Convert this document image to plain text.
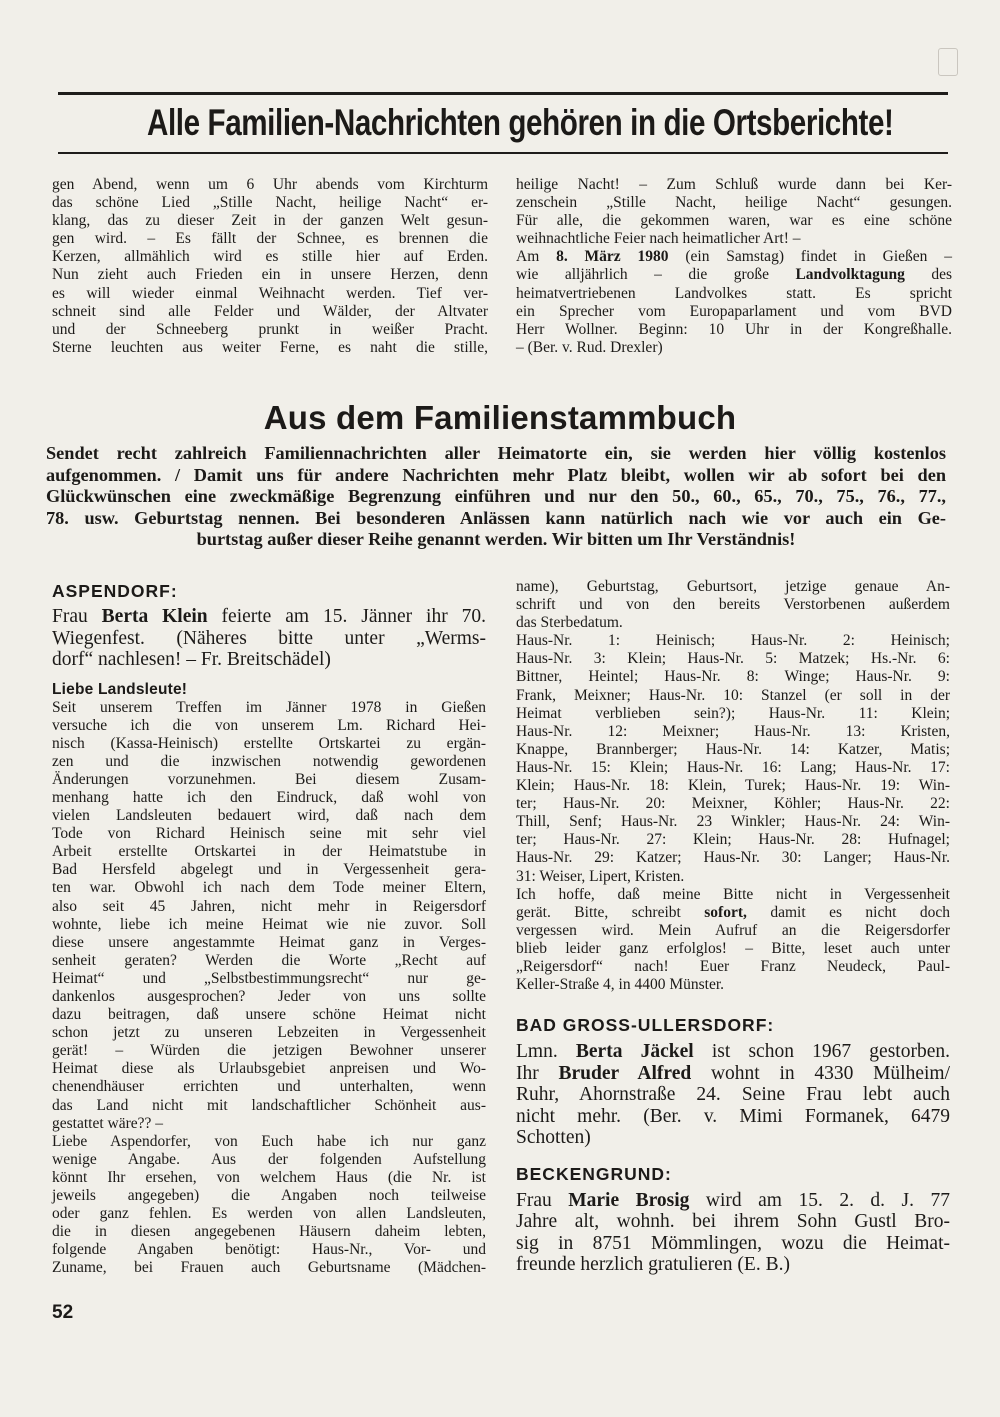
Alle Familien-Nachrichten gehören in die Ortsberichte!
gen Abend, wenn um 6 Uhr abends vom Kirchturm
das schöne Lied „Stille Nacht, heilige Nacht“ er-
klang, das zu dieser Zeit in der ganzen Welt gesun-
gen wird. – Es fällt der Schnee, es brennen die
Kerzen, allmählich wird es stille hier auf Erden.
Nun zieht auch Frieden ein in unsere Herzen, denn
es will wieder einmal Weihnacht werden. Tief ver-
schneit sind alle Felder und Wälder, der Altvater
und der Schneeberg prunkt in weißer Pracht.
Sterne leuchten aus weiter Ferne, es naht die stille,
heilige Nacht! – Zum Schluß wurde dann bei Ker-
zenschein „Stille Nacht, heilige Nacht“ gesungen.
Für alle, die gekommen waren, war es eine schöne
weihnachtliche Feier nach heimatlicher Art! –
Am 8. März 1980 (ein Samstag) findet in Gießen –
wie alljährlich – die große Landvolktagung des
heimatvertriebenen Landvolkes statt. Es spricht
ein Sprecher vom Europaparlament und vom BVD
Herr Wollner. Beginn: 10 Uhr in der Kongreßhalle.
– (Ber. v. Rud. Drexler)
Aus dem Familienstammbuch
Sendet recht zahlreich Familiennachrichten aller Heimatorte ein, sie werden hier völlig kostenlos
aufgenommen. / Damit uns für andere Nachrichten mehr Platz bleibt, wollen wir ab sofort bei den
Glückwünschen eine zweckmäßige Begrenzung einführen und nur den 50., 60., 65., 70., 75., 76., 77.,
78. usw. Geburtstag nennen. Bei besonderen Anlässen kann natürlich nach wie vor auch ein Ge-
burtstag außer dieser Reihe genannt werden. Wir bitten um Ihr Verständnis!
ASPENDORF:
Frau Berta Klein feierte am 15. Jänner ihr 70.
Wiegenfest. (Näheres bitte unter „Werms-
dorf“ nachlesen! – Fr. Breitschädel)
Liebe Landsleute!
Seit unserem Treffen im Jänner 1978 in Gießen
versuche ich die von unserem Lm. Richard Hei-
nisch (Kassa-Heinisch) erstellte Ortskartei zu ergän-
zen und die inzwischen notwendig gewordenen
Änderungen vorzunehmen. Bei diesem Zusam-
menhang hatte ich den Eindruck, daß wohl von
vielen Landsleuten bedauert wird, daß nach dem
Tode von Richard Heinisch seine mit sehr viel
Arbeit erstellte Ortskartei in der Heimatstube in
Bad Hersfeld abgelegt und in Vergessenheit gera-
ten war. Obwohl ich nach dem Tode meiner Eltern,
also seit 45 Jahren, nicht mehr in Reigersdorf
wohnte, liebe ich meine Heimat wie nie zuvor. Soll
diese unsere angestammte Heimat ganz in Verges-
senheit geraten? Werden die Worte „Recht auf
Heimat“ und „Selbstbestimmungsrecht“ nur ge-
dankenlos ausgesprochen? Jeder von uns sollte
dazu beitragen, daß unsere schöne Heimat nicht
schon jetzt zu unseren Lebzeiten in Vergessenheit
gerät! – Würden die jetzigen Bewohner unserer
Heimat diese als Urlaubsgebiet anpreisen und Wo-
chenendhäuser errichten und unterhalten, wenn
das Land nicht mit landschaftlicher Schönheit aus-
gestattet wäre?? –
Liebe Aspendorfer, von Euch habe ich nur ganz
wenige Angabe. Aus der folgenden Aufstellung
könnt Ihr ersehen, von welchem Haus (die Nr. ist
jeweils angegeben) die Angaben noch teilweise
oder ganz fehlen. Es werden von allen Landsleuten,
die in diesen angegebenen Häusern daheim lebten,
folgende Angaben benötigt: Haus-Nr., Vor- und
Zuname, bei Frauen auch Geburtsname (Mädchen-
name), Geburtstag, Geburtsort, jetzige genaue An-
schrift und von den bereits Verstorbenen außerdem
das Sterbedatum.
Haus-Nr. 1: Heinisch; Haus-Nr. 2: Heinisch;
Haus-Nr. 3: Klein; Haus-Nr. 5: Matzek; Hs.-Nr. 6:
Bittner, Heintel; Haus-Nr. 8: Winge; Haus-Nr. 9:
Frank, Meixner; Haus-Nr. 10: Stanzel (er soll in der
Heimat verblieben sein?); Haus-Nr. 11: Klein;
Haus-Nr. 12: Meixner; Haus-Nr. 13: Kristen,
Knappe, Brannberger; Haus-Nr. 14: Katzer, Matis;
Haus-Nr. 15: Klein; Haus-Nr. 16: Lang; Haus-Nr. 17:
Klein; Haus-Nr. 18: Klein, Turek; Haus-Nr. 19: Win-
ter; Haus-Nr. 20: Meixner, Köhler; Haus-Nr. 22:
Thill, Senf; Haus-Nr. 23 Winkler; Haus-Nr. 24: Win-
ter; Haus-Nr. 27: Klein; Haus-Nr. 28: Hufnagel;
Haus-Nr. 29: Katzer; Haus-Nr. 30: Langer; Haus-Nr.
31: Weiser, Lipert, Kristen.
Ich hoffe, daß meine Bitte nicht in Vergessenheit
gerät. Bitte, schreibt sofort, damit es nicht doch
vergessen wird. Mein Aufruf an die Reigersdorfer
blieb leider ganz erfolglos! – Bitte, leset auch unter
„Reigersdorf“ nach! Euer Franz Neudeck, Paul-
Keller-Straße 4, in 4400 Münster.
BAD GROSS-ULLERSDORF:
Lmn. Berta Jäckel ist schon 1967 gestorben.
Ihr Bruder Alfred wohnt in 4330 Mülheim/
Ruhr, Ahornstraße 24. Seine Frau lebt auch
nicht mehr. (Ber. v. Mimi Formanek, 6479
Schotten)
BECKENGRUND:
Frau Marie Brosig wird am 15. 2. d. J. 77
Jahre alt, wohnh. bei ihrem Sohn Gustl Bro-
sig in 8751 Mömmlingen, wozu die Heimat-
freunde herzlich gratulieren (E. B.)
52
